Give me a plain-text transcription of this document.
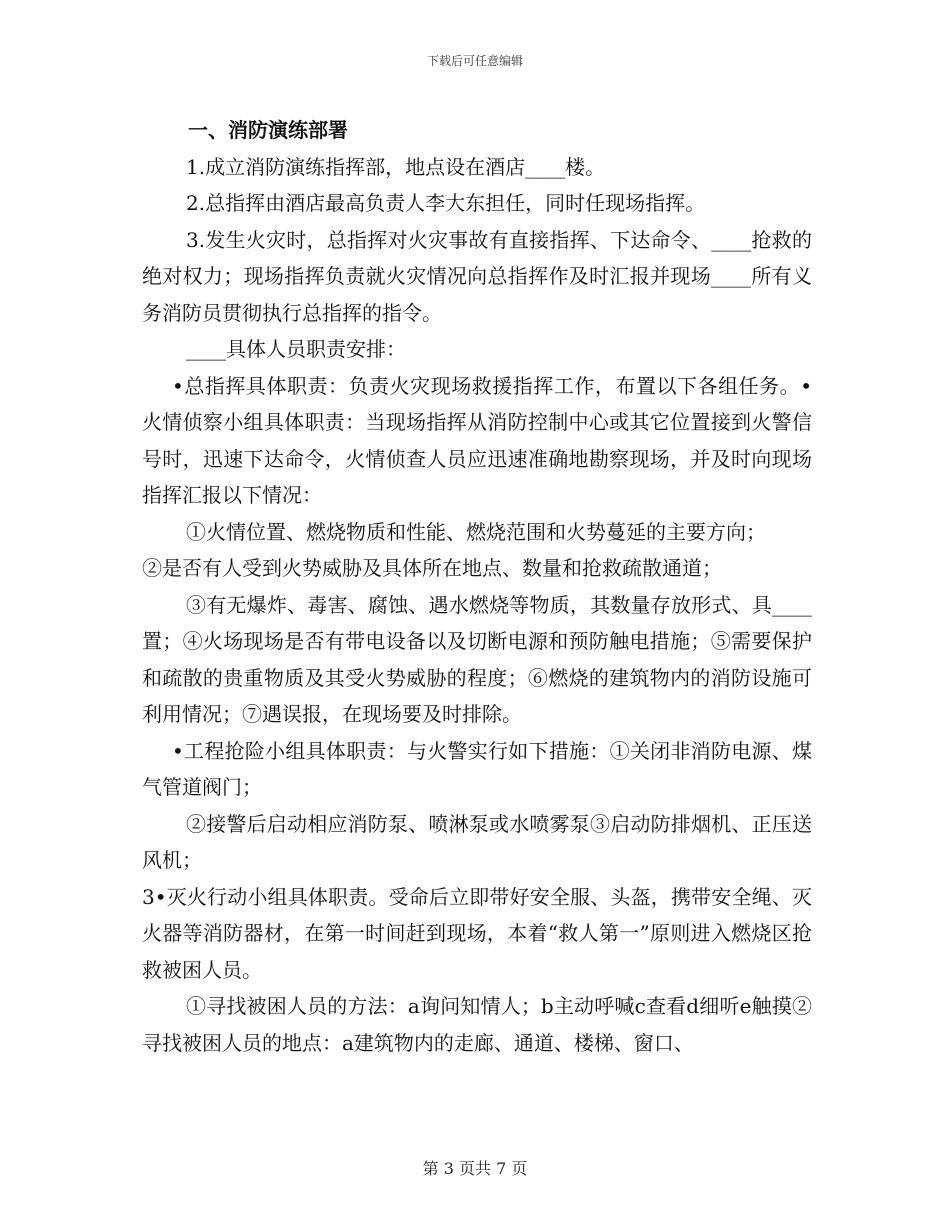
下载后可任意编辑

一、消防演练部署

1.成立消防演练指挥部，地点设在酒店____楼。

2.总指挥由酒店最高负责人李大东担任，同时任现场指挥。

3.发生火灾时，总指挥对火灾事故有直接指挥、下达命令、____抢救的绝对权力；现场指挥负责就火灾情况向总指挥作及时汇报并现场____所有义务消防员贯彻执行总指挥的指令。

____具体人员职责安排：

•总指挥具体职责：负责火灾现场救援指挥工作，布置以下各组任务。•火情侦察小组具体职责：当现场指挥从消防控制中心或其它位置接到火警信号时，迅速下达命令，火情侦查人员应迅速准确地勘察现场，并及时向现场指挥汇报以下情况：

①火情位置、燃烧物质和性能、燃烧范围和火势蔓延的主要方向；

②是否有人受到火势威胁及具体所在地点、数量和抢救疏散通道；

③有无爆炸、毒害、腐蚀、遇水燃烧等物质，其数量存放形式、具____置；④火场现场是否有带电设备以及切断电源和预防触电措施；⑤需要保护和疏散的贵重物质及其受火势威胁的程度；⑥燃烧的建筑物内的消防设施可利用情况；⑦遇误报，在现场要及时排除。

•工程抢险小组具体职责：与火警实行如下措施：①关闭非消防电源、煤气管道阀门；

②接警后启动相应消防泵、喷淋泵或水喷雾泵③启动防排烟机、正压送风机；

3•灭火行动小组具体职责。受命后立即带好安全服、头盔，携带安全绳、灭火器等消防器材，在第一时间赶到现场，本着“救人第一”原则进入燃烧区抢救被困人员。

①寻找被困人员的方法：a询问知情人；b主动呼喊c查看d细听e触摸②寻找被困人员的地点：a建筑物内的走廊、通道、楼梯、窗口、

第 3 页共 7 页
